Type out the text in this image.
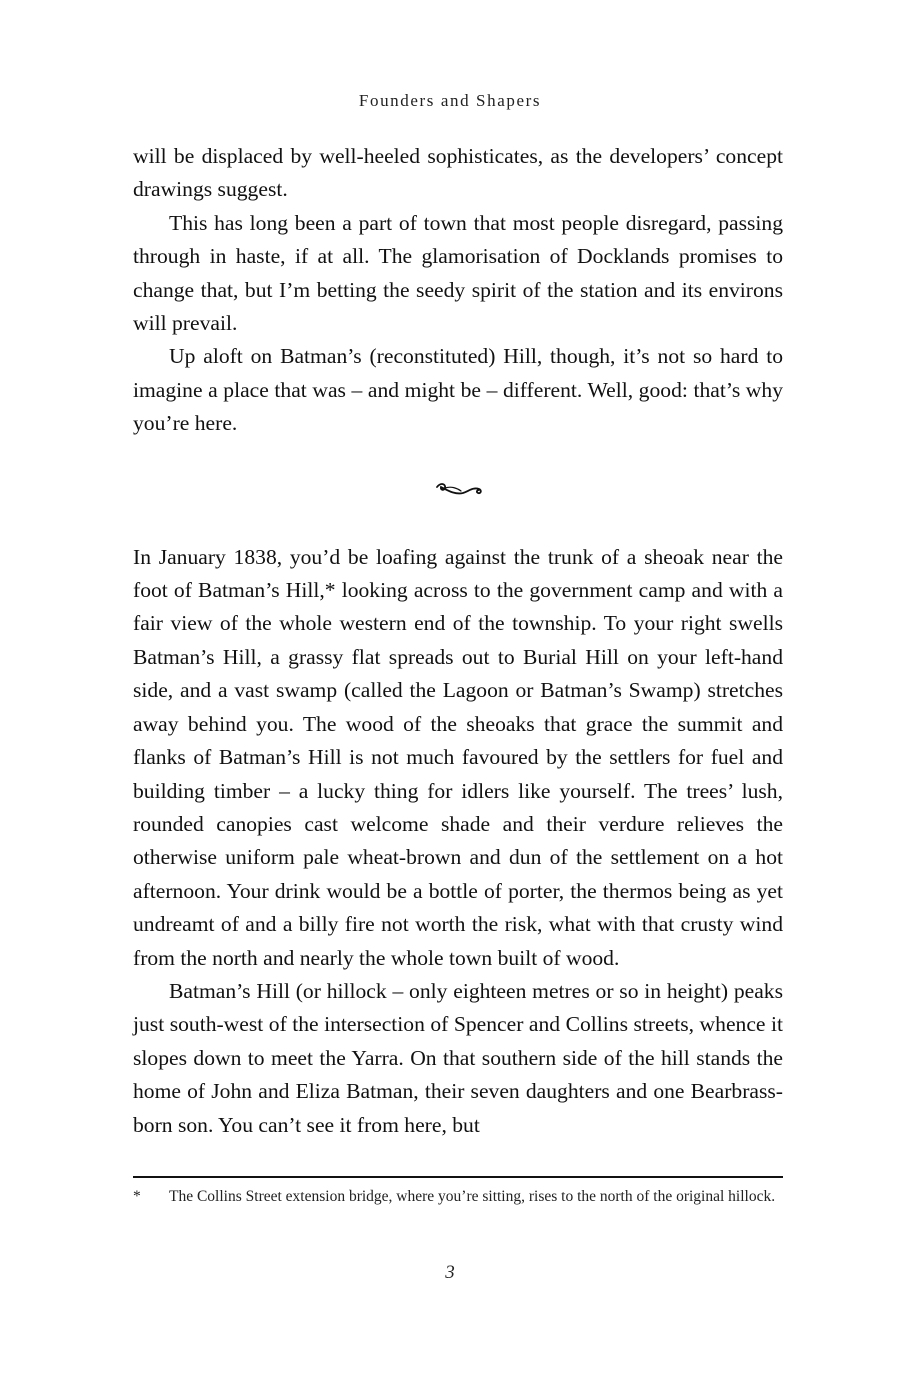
Founders and Shapers

will be displaced by well-heeled sophisticates, as the developers’ concept drawings suggest.

This has long been a part of town that most people disregard, passing through in haste, if at all. The glamorisation of Docklands promises to change that, but I’m betting the seedy spirit of the station and its environs will prevail.

Up aloft on Batman’s (reconstituted) Hill, though, it’s not so hard to imagine a place that was – and might be – different. Well, good: that’s why you’re here.

In January 1838, you’d be loafing against the trunk of a sheoak near the foot of Batman’s Hill,* looking across to the government camp and with a fair view of the whole western end of the township. To your right swells Batman’s Hill, a grassy flat spreads out to Burial Hill on your left-hand side, and a vast swamp (called the Lagoon or Batman’s Swamp) stretches away behind you. The wood of the sheoaks that grace the summit and flanks of Batman’s Hill is not much favoured by the settlers for fuel and building timber – a lucky thing for idlers like yourself. The trees’ lush, rounded canopies cast welcome shade and their verdure relieves the otherwise uniform pale wheat-brown and dun of the settlement on a hot afternoon. Your drink would be a bottle of porter, the thermos being as yet undreamt of and a billy fire not worth the risk, what with that crusty wind from the north and nearly the whole town built of wood.

Batman’s Hill (or hillock – only eighteen metres or so in height) peaks just south-west of the intersection of Spencer and Collins streets, whence it slopes down to meet the Yarra. On that southern side of the hill stands the home of John and Eliza Batman, their seven daughters and one Bearbrass-born son. You can’t see it from here, but

*	The Collins Street extension bridge, where you’re sitting, rises to the north of the original hillock.
3
